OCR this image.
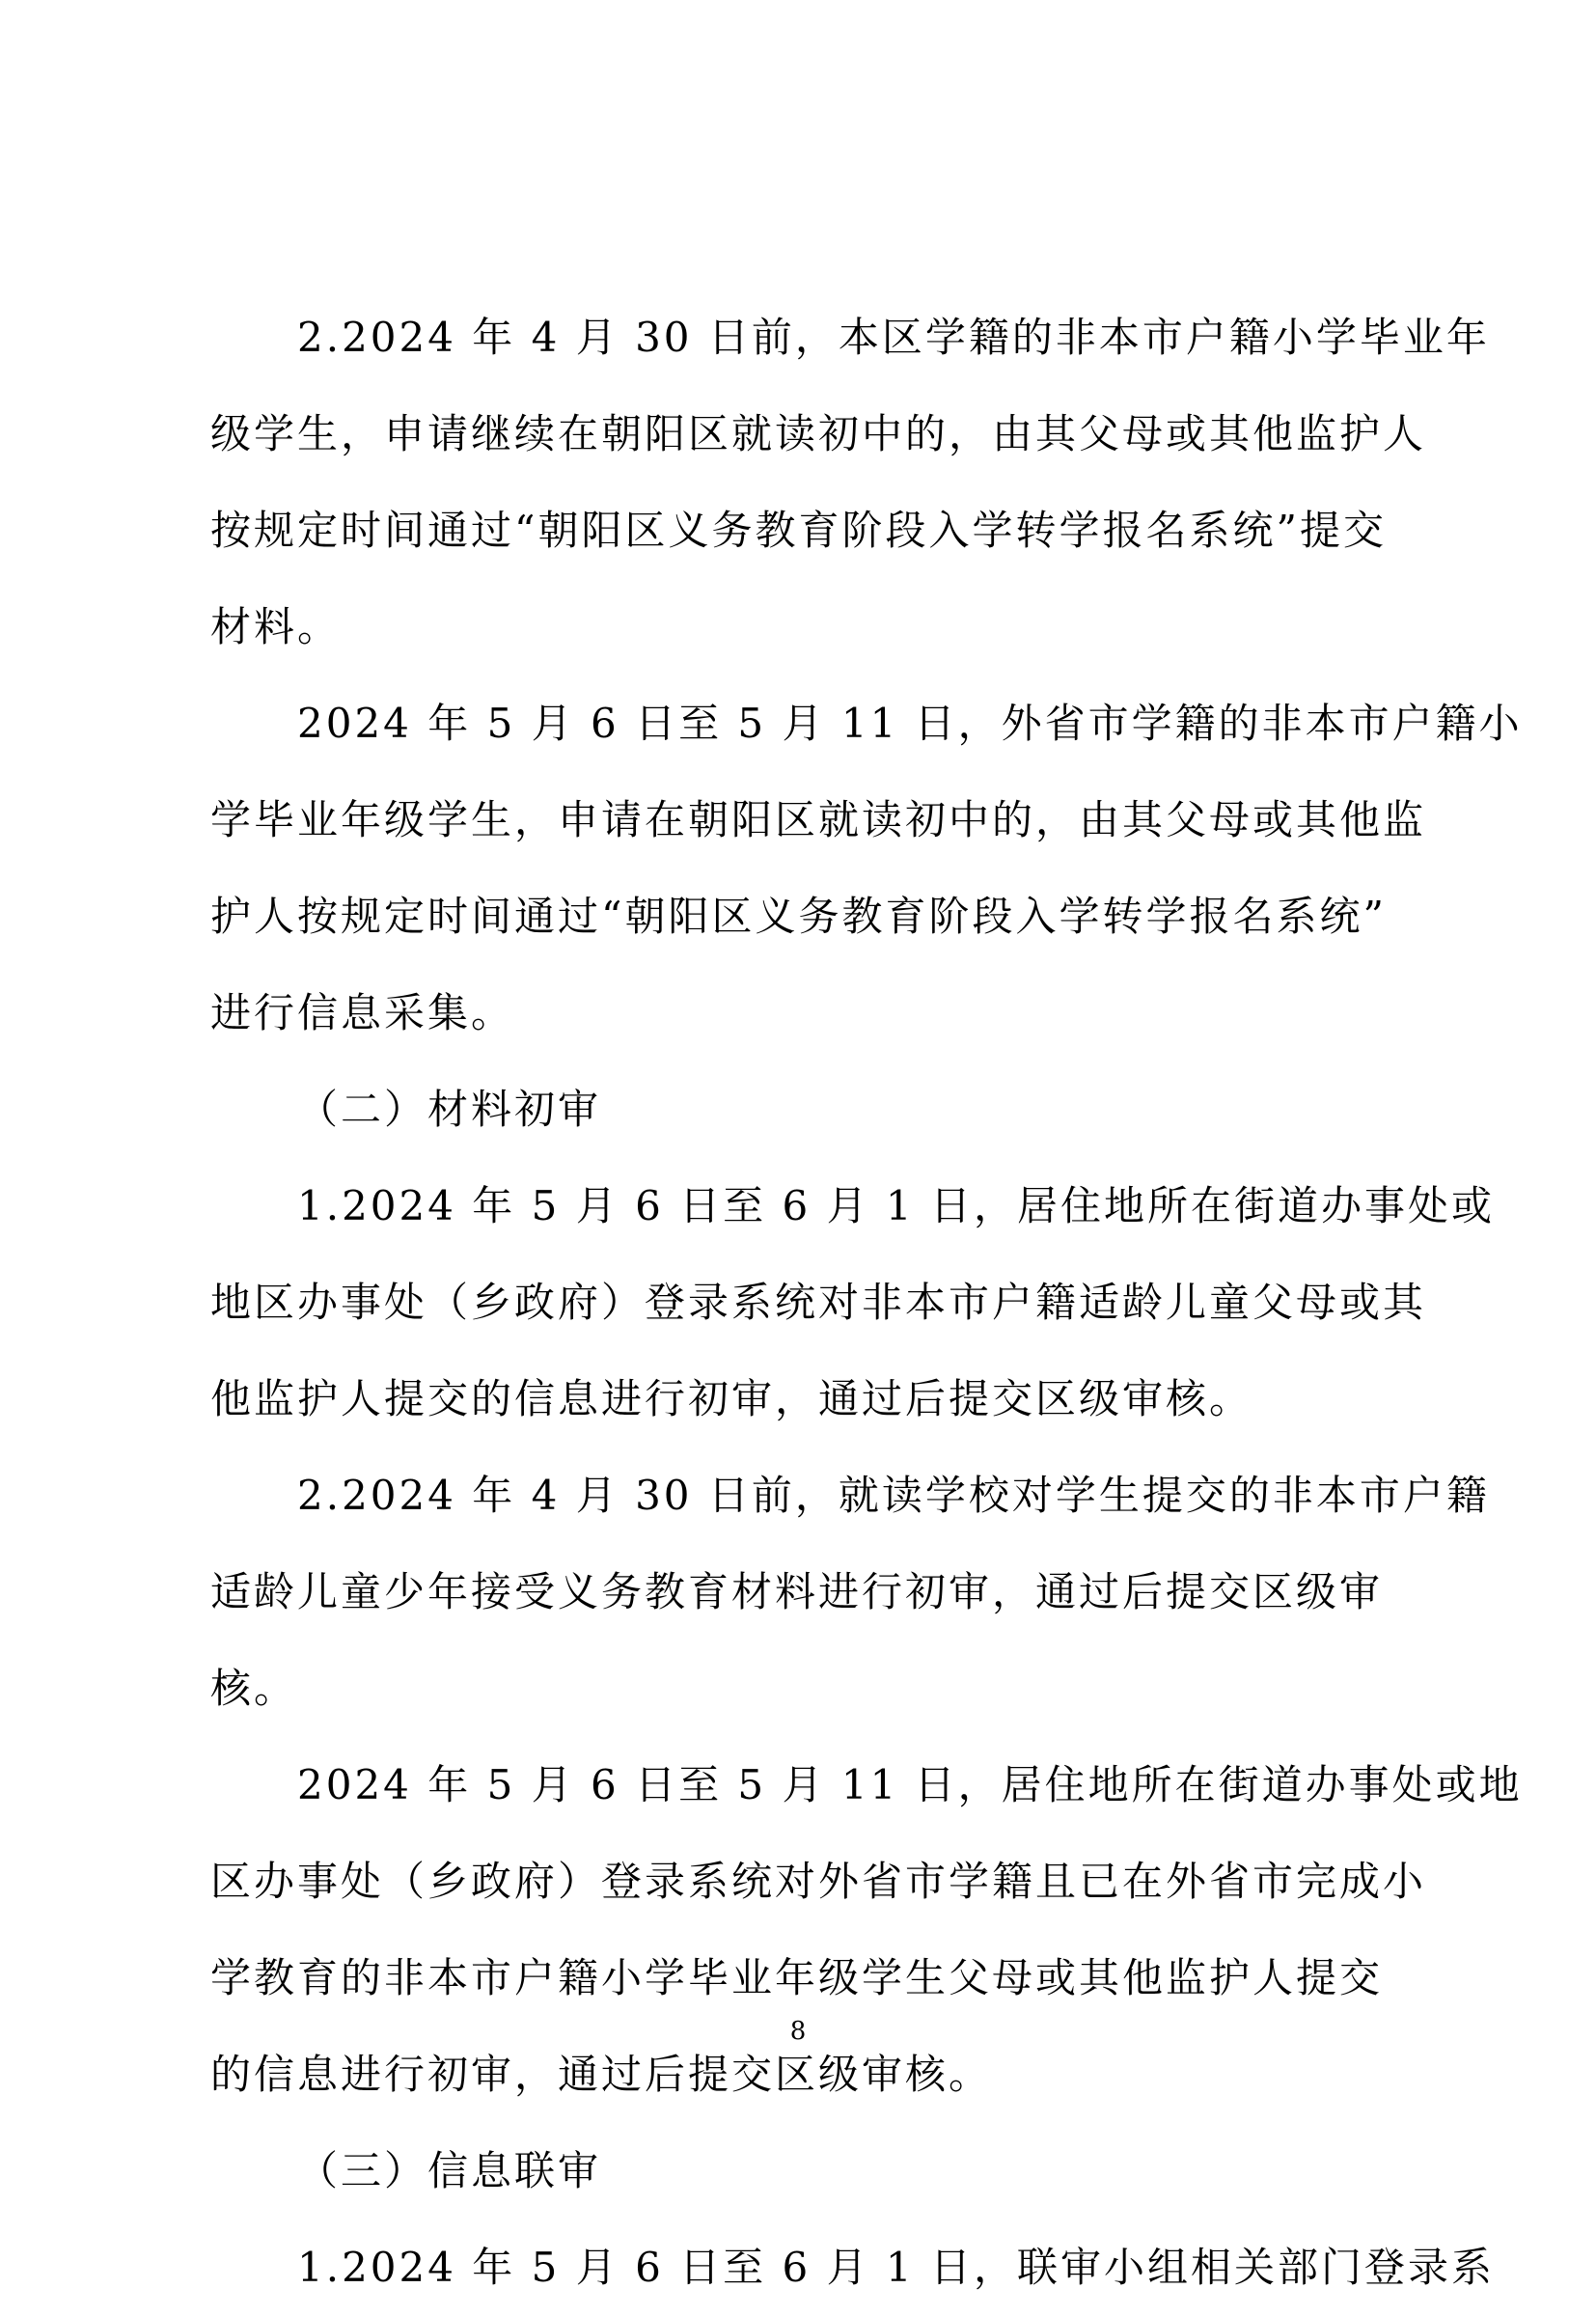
2.2024 年 4 月 30 日前，本区学籍的非本市户籍小学毕业年
级学生，申请继续在朝阳区就读初中的，由其父母或其他监护人
按规定时间通过“朝阳区义务教育阶段入学转学报名系统”提交
材料。
2024 年 5 月 6 日至 5 月 11 日，外省市学籍的非本市户籍小
学毕业年级学生，申请在朝阳区就读初中的，由其父母或其他监
护人按规定时间通过“朝阳区义务教育阶段入学转学报名系统”
进行信息采集。
（二）材料初审
1.2024 年 5 月 6 日至 6 月 1 日，居住地所在街道办事处或
地区办事处（乡政府）登录系统对非本市户籍适龄儿童父母或其
他监护人提交的信息进行初审，通过后提交区级审核。
2.2024 年 4 月 30 日前，就读学校对学生提交的非本市户籍
适龄儿童少年接受义务教育材料进行初审，通过后提交区级审
核。
2024 年 5 月 6 日至 5 月 11 日，居住地所在街道办事处或地
区办事处（乡政府）登录系统对外省市学籍且已在外省市完成小
学教育的非本市户籍小学毕业年级学生父母或其他监护人提交
的信息进行初审，通过后提交区级审核。
（三）信息联审
1.2024 年 5 月 6 日至 6 月 1 日，联审小组相关部门登录系
8
